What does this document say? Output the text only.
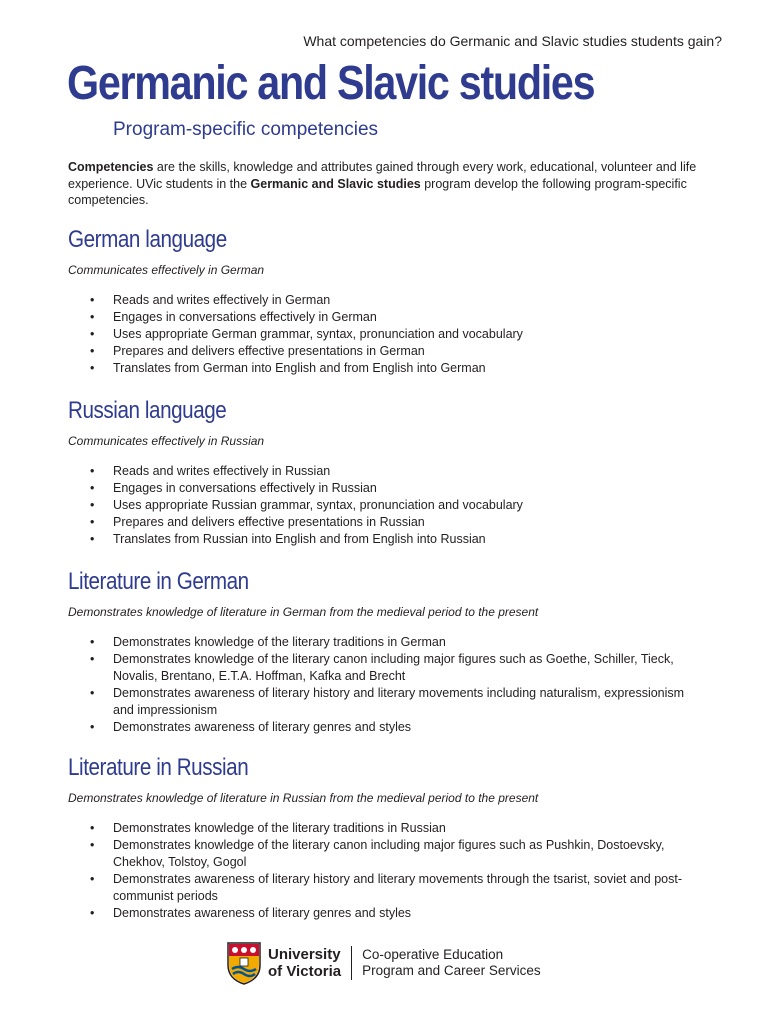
What competencies do Germanic and Slavic studies students gain?
Germanic and Slavic studies
Program-specific competencies

Competencies are the skills, knowledge and attributes gained through every work, educational, volunteer and life experience. UVic students in the Germanic and Slavic studies program develop the following program-specific competencies.

German language

Communicates effectively in German

• Reads and writes effectively in German
• Engages in conversations effectively in German
• Uses appropriate German grammar, syntax, pronunciation and vocabulary
• Prepares and delivers effective presentations in German
• Translates from German into English and from English into German
Russian language

Communicates effectively in Russian

• Reads and writes effectively in Russian
• Engages in conversations effectively in Russian
• Uses appropriate Russian grammar, syntax, pronunciation and vocabulary
• Prepares and delivers effective presentations in Russian
• Translates from Russian into English and from English into Russian
Literature in German

Demonstrates knowledge of literature in German from the medieval period to the present

• Demonstrates knowledge of the literary traditions in German
• Demonstrates knowledge of the literary canon including major figures such as Goethe, Schiller, Tieck, Novalis, Brentano, E.T.A. Hoffman, Kafka and Brecht
• Demonstrates awareness of literary history and literary movements including naturalism, expressionism and impressionism
• Demonstrates awareness of literary genres and styles
Literature in Russian

Demonstrates knowledge of literature in Russian from the medieval period to the present

• Demonstrates knowledge of the literary traditions in Russian
• Demonstrates knowledge of the literary canon including major figures such as Pushkin, Dostoevsky, Chekhov, Tolstoy, Gogol
• Demonstrates awareness of literary history and literary movements through the tsarist, soviet and post-communist periods
• Demonstrates awareness of literary genres and styles
University
of Victoria
Co-operative Education
Program and Career Services
